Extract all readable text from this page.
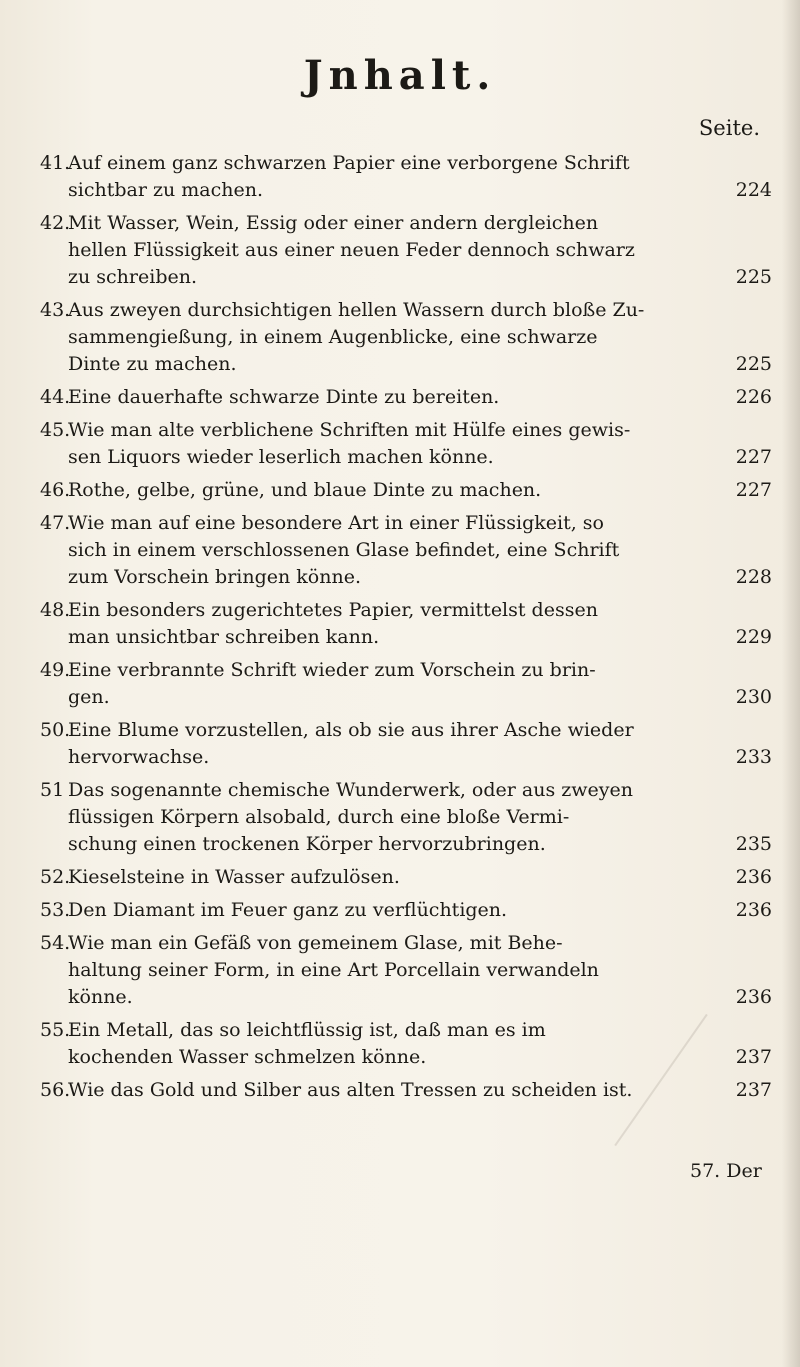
Jnhalt.
Seite.
41.
Auf einem ganz schwarzen Papier eine verborgene Schrift
sichtbar zu machen.	224
42.
Mit Wasser, Wein, Essig oder einer andern dergleichen
hellen Flüssigkeit aus einer neuen Feder dennoch schwarz
zu schreiben.	225
43.
Aus zweyen durchsichtigen hellen Wassern durch bloße Zu-
sammengießung, in einem Augenblicke, eine schwarze
Dinte zu machen.	225
44.
Eine dauerhafte schwarze Dinte zu bereiten.	226
45.
Wie man alte verblichene Schriften mit Hülfe eines gewis-
sen Liquors wieder leserlich machen könne.	227
46.
Rothe, gelbe, grüne, und blaue Dinte zu machen.	227
47.
Wie man auf eine besondere Art in einer Flüssigkeit, so
sich in einem verschlossenen Glase befindet, eine Schrift
zum Vorschein bringen könne.	228
48.
Ein besonders zugerichtetes Papier, vermittelst dessen
man unsichtbar schreiben kann.	229
49.
Eine verbrannte Schrift wieder zum Vorschein zu brin-
gen.	230
50.
Eine Blume vorzustellen, als ob sie aus ihrer Asche wieder
hervorwachse.	233
51 Das sogenannte chemische Wunderwerk, oder aus zweyen
flüssigen Körpern alsobald, durch eine bloße Vermi-
schung einen trockenen Körper hervorzubringen.	235
52.
Kieselsteine in Wasser aufzulösen.	236
53.
Den Diamant im Feuer ganz zu verflüchtigen.	236
54.
Wie man ein Gefäß von gemeinem Glase, mit Behe-
haltung seiner Form, in eine Art Porcellain verwandeln
könne.	236
55.
Ein Metall, das so leichtflüssig ist, daß man es im
kochenden Wasser schmelzen könne.	237
56.
Wie das Gold und Silber aus alten Tressen zu scheiden ist.	237
57. Der
